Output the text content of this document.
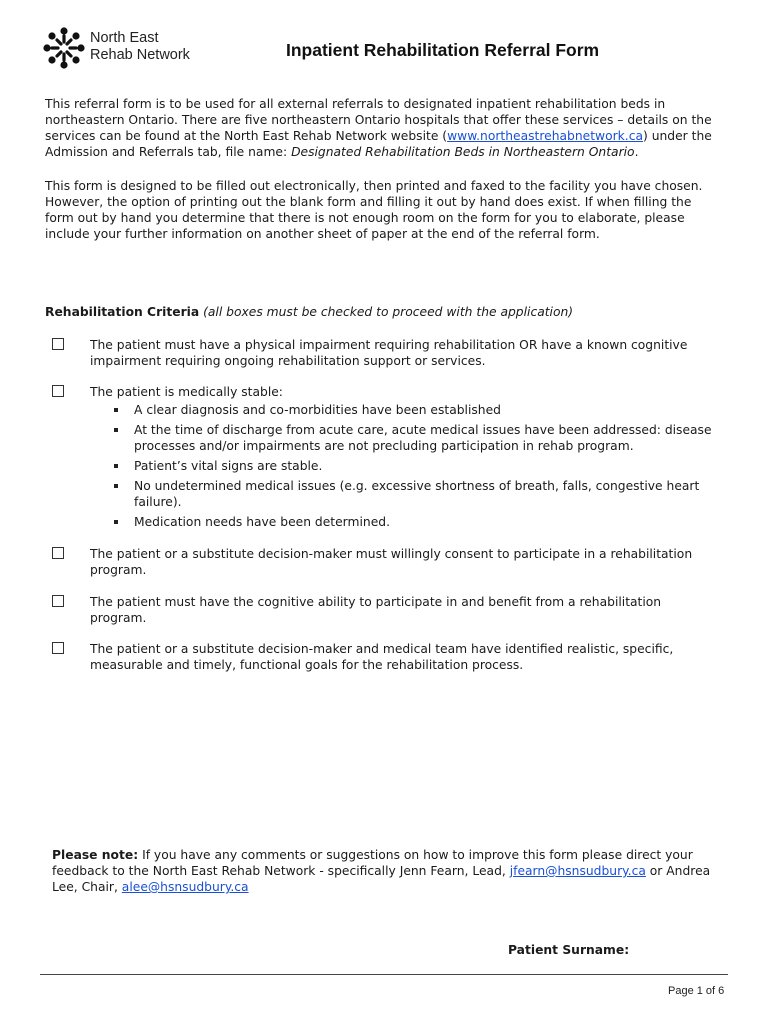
North East
Rehab Network	Inpatient Rehabilitation Referral Form

This referral form is to be used for all external referrals to designated inpatient rehabilitation beds in northeastern Ontario. There are five northeastern Ontario hospitals that offer these services – details on the services can be found at the North East Rehab Network website (www.northeastrehabnetwork.ca) under the Admission and Referrals tab, file name: Designated Rehabilitation Beds in Northeastern Ontario.

This form is designed to be filled out electronically, then printed and faxed to the facility you have chosen. However, the option of printing out the blank form and filling it out by hand does exist. If when filling the form out by hand you determine that there is not enough room on the form for you to elaborate, please include your further information on another sheet of paper at the end of the referral form.

Rehabilitation Criteria (all boxes must be checked to proceed with the application)
The patient must have a physical impairment requiring rehabilitation OR have a known cognitive impairment requiring ongoing rehabilitation support or services.
The patient is medically stable:
A clear diagnosis and co-morbidities have been established
At the time of discharge from acute care, acute medical issues have been addressed: disease processes and/or impairments are not precluding participation in rehab program.
Patient’s vital signs are stable.
No undetermined medical issues (e.g. excessive shortness of breath, falls, congestive heart failure).
Medication needs have been determined.
The patient or a substitute decision-maker must willingly consent to participate in a rehabilitation program.
The patient must have the cognitive ability to participate in and benefit from a rehabilitation program.
The patient or a substitute decision-maker and medical team have identified realistic, specific, measurable and timely, functional goals for the rehabilitation process.
Please note: If you have any comments or suggestions on how to improve this form please direct your feedback to the North East Rehab Network - specifically Jenn Fearn, Lead, jfearn@hsnsudbury.ca or Andrea Lee, Chair, alee@hsnsudbury.ca
Patient Surname:
Page 1 of 6
